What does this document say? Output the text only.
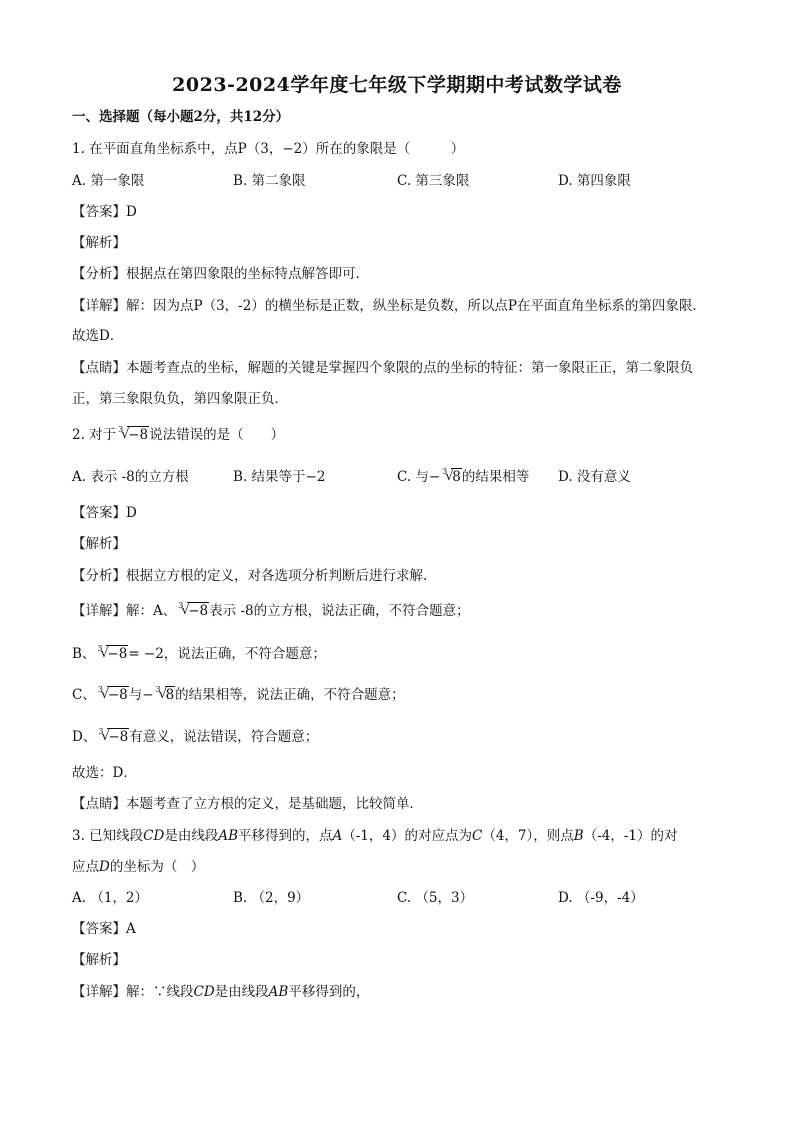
2023-2024学年度七年级下学期期中考试数学试卷
一、选择题（每小题2分，共12分）
1. 在平面直角坐标系中，点P（3，−2）所在的象限是（　　　）
A. 第一象限	B. 第二象限	C. 第三象限	D. 第四象限
【答案】D
【解析】
【分析】根据点在第四象限的坐标特点解答即可．
【详解】解：因为点P（3，-2）的横坐标是正数，纵坐标是负数，所以点P在平面直角坐标系的第四象限．
故选D．
【点睛】本题考查点的坐标，解题的关键是掌握四个象限的点的坐标的特征：第一象限正正，第二象限负
正，第三象限负负，第四象限正负．
2. 对于 3 √ −8说法错误的是（　　）
A. 表示 -8的立方根	B. 结果等于−2	C. 与− 3 √ 8的结果相等 D. 没有意义
【答案】D
【解析】
【分析】根据立方根的定义，对各选项分析判断后进行求解.
【详解】解：A、 3 √ −8表示 -8的立方根，说法正确，不符合题意；
B、 3 √ −8= −2，说法正确，不符合题意；
C、 3 √ −8与− 3 √ 8的结果相等，说法正确，不符合题意；
D、 3 √ −8有意义，说法错误，符合题意；
故选：D．
【点睛】本题考查了立方根的定义，是基础题，比较简单．
3. 已知线段CD是由线段AB平移得到的，点A（-1，4）的对应点为C（4，7），则点B（-4，-1）的对
应点D的坐标为（　）
A. （1，2）	B. （2，9）	C. （5，3）	D. （-9，-4）
【答案】A
【解析】
【详解】解：∵线段CD是由线段AB平移得到的，
